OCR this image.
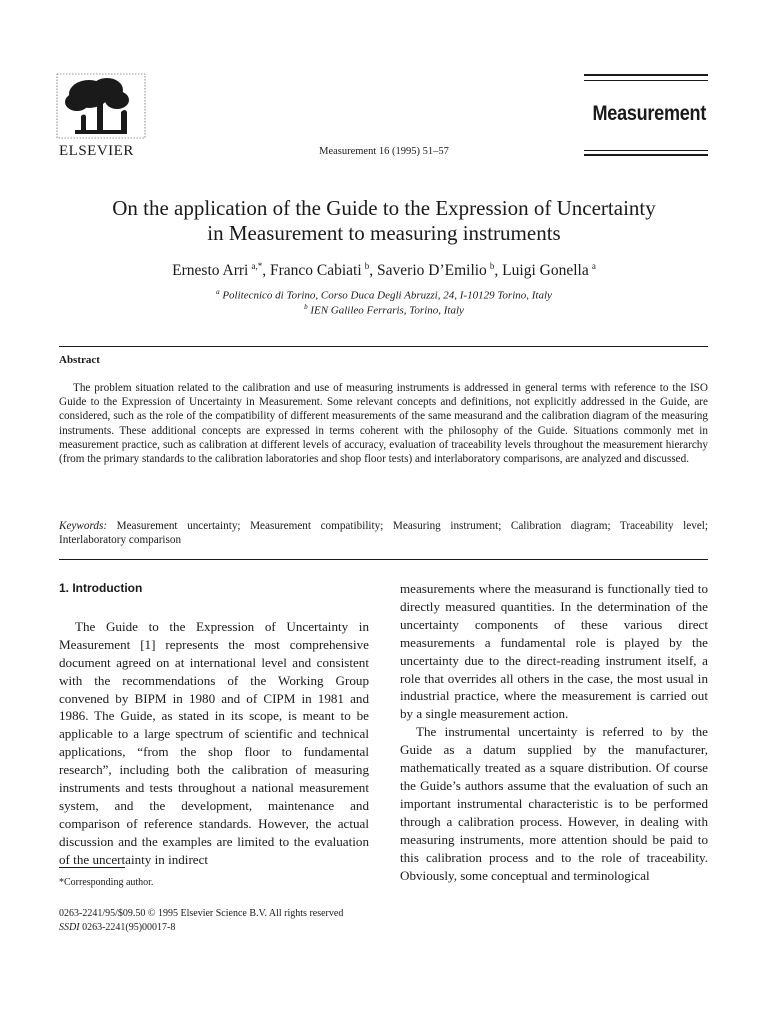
ELSEVIER	Measurement 16 (1995) 51–57
Measurement
On the application of the Guide to the Expression of Uncertainty
in Measurement to measuring instruments
Ernesto Arri  $^{a,*}$, Franco Cabiati  $^b$, Saverio D’Emilio  $^b$, Luigi Gonella  $^a$
$^a$ Politecnico di Torino, Corso Duca Degli Abruzzi, 24, I-10129 Torino, Italy
$^b$ IEN Galileo Ferraris, Torino, Italy
Abstract
The problem situation related to the calibration and use of measuring instruments is addressed in general terms with reference to the ISO Guide to the Expression of Uncertainty in Measurement. Some relevant concepts and definitions, not explicitly addressed in the Guide, are considered, such as the role of the compatibility of different measurements of the same measurand and the calibration diagram of the measuring instruments. These additional concepts are expressed in terms coherent with the philosophy of the Guide. Situations commonly met in measurement practice, such as calibration at different levels of accuracy, evaluation of traceability levels throughout the measurement hierarchy (from the primary standards to the calibration laboratories and shop floor tests) and interlaboratory comparisons, are analyzed and discussed.
Keywords: Measurement uncertainty; Measurement compatibility; Measuring instrument; Calibration diagram; Traceability level; Interlaboratory comparison
1. Introduction

The Guide to the Expression of Uncertainty in Measurement [1] represents the most comprehensive document agreed on at international level and consistent with the recommendations of the Working Group convened by BIPM in 1980 and of CIPM in 1981 and 1986. The Guide, as stated in its scope, is meant to be applicable to a large spectrum of scientific and technical applications, “from the shop floor to fundamental research”, including both the calibration of measuring instruments and tests throughout a national measurement system, and the development, maintenance and comparison of reference standards. However, the actual discussion and the examples are limited to the evaluation of the uncertainty in indirect

measurements where the measurand is functionally tied to directly measured quantities. In the determination of the uncertainty components of these various direct measurements a fundamental role is played by the uncertainty due to the direct-reading instrument itself, a role that overrides all others in the case, the most usual in industrial practice, where the measurement is carried out by a single measurement action.

The instrumental uncertainty is referred to by the Guide as a datum supplied by the manufacturer, mathematically treated as a square distribution. Of course the Guide’s authors assume that the evaluation of such an important instrumental characteristic is to be performed through a calibration process. However, in dealing with measuring instruments, more attention should be paid to this calibration process and to the role of traceability. Obviously, some conceptual and terminological

*Corresponding author.
0263-2241/95/$09.50 © 1995 Elsevier Science B.V. All rights reserved
SSDI 0263-2241(95)00017-8
